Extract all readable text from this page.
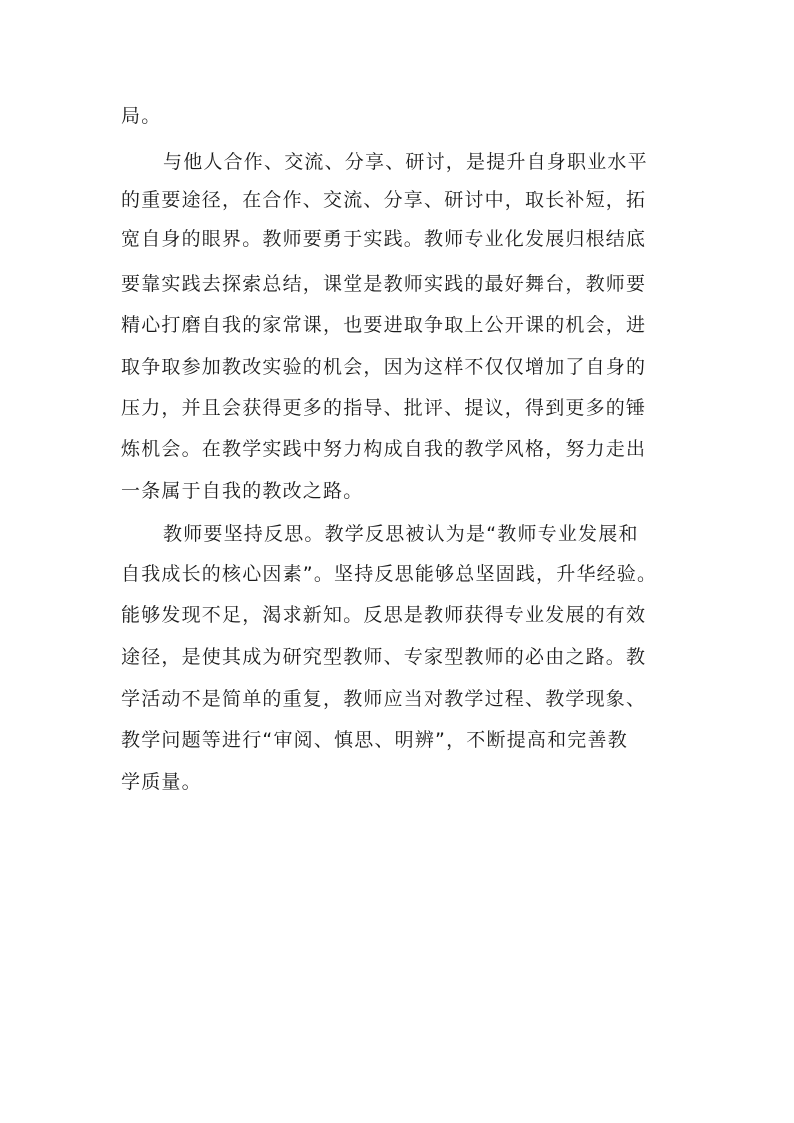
局。
与他人合作、交流、分享、研讨，是提升自身职业水平
的重要途径，在合作、交流、分享、研讨中，取长补短，拓
宽自身的眼界。教师要勇于实践。教师专业化发展归根结底
要靠实践去探索总结，课堂是教师实践的最好舞台，教师要
精心打磨自我的家常课，也要进取争取上公开课的机会，进
取争取参加教改实验的机会，因为这样不仅仅增加了自身的
压力，并且会获得更多的指导、批评、提议，得到更多的锤
炼机会。在教学实践中努力构成自我的教学风格，努力走出
一条属于自我的教改之路。
教师要坚持反思。教学反思被认为是“教师专业发展和
自我成长的核心因素”。坚持反思能够总坚固践，升华经验。
能够发现不足，渴求新知。反思是教师获得专业发展的有效
途径，是使其成为研究型教师、专家型教师的必由之路。教
学活动不是简单的重复，教师应当对教学过程、教学现象、
教学问题等进行“审阅、慎思、明辨”，不断提高和完善教
学质量。
